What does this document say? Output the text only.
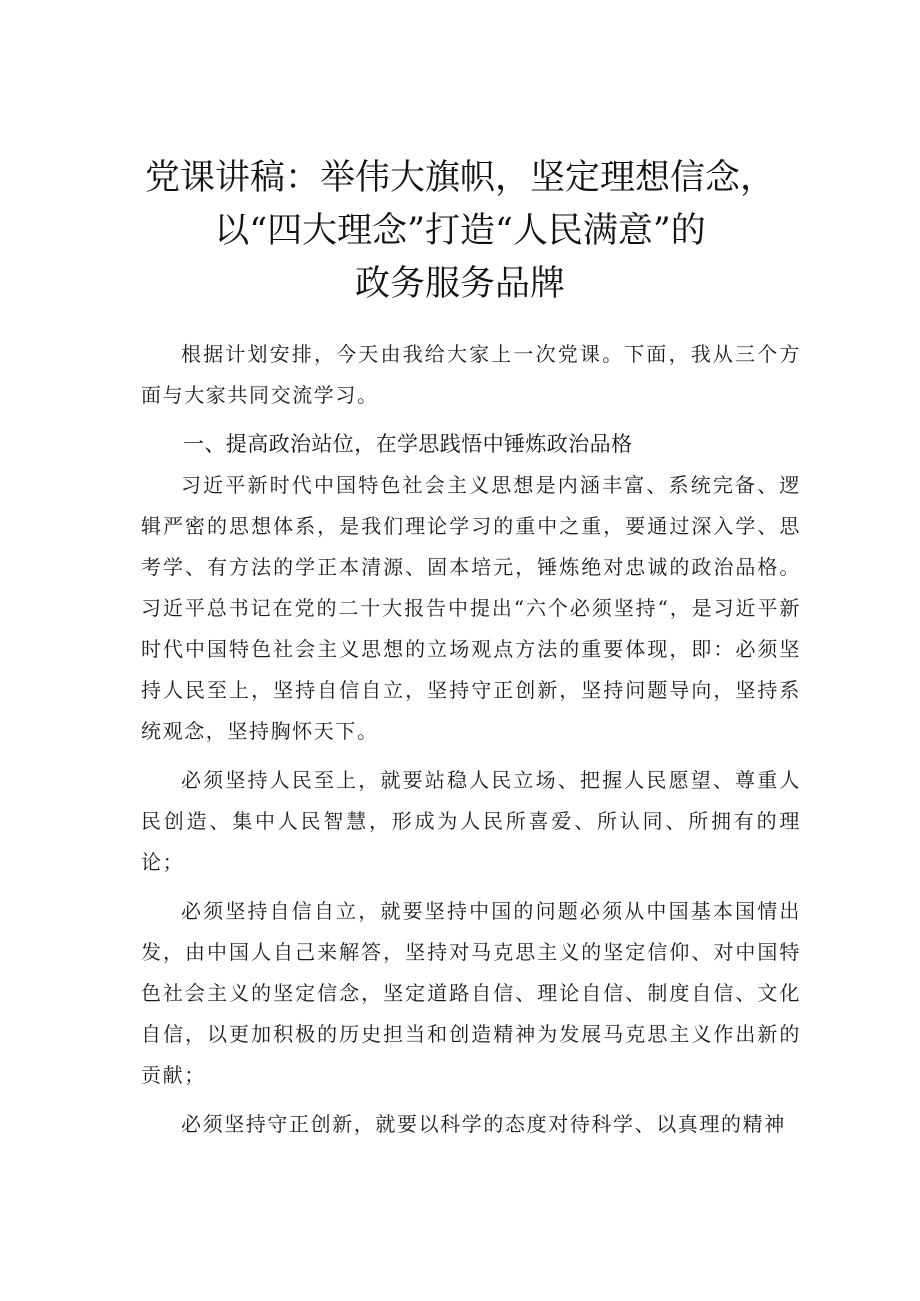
党课讲稿：举伟大旗帜，坚定理想信念，
以“四大理念”打造“人民满意”的
政务服务品牌

根据计划安排，今天由我给大家上一次党课。下面，我从三个方面与大家共同交流学习。

一、提高政治站位，在学思践悟中锤炼政治品格

习近平新时代中国特色社会主义思想是内涵丰富、系统完备、逻辑严密的思想体系，是我们理论学习的重中之重，要通过深入学、思考学、有方法的学正本清源、固本培元，锤炼绝对忠诚的政治品格。习近平总书记在党的二十大报告中提出“六个必须坚持“，是习近平新时代中国特色社会主义思想的立场观点方法的重要体现，即：必须坚持人民至上，坚持自信自立，坚持守正创新，坚持问题导向，坚持系统观念，坚持胸怀天下。

必须坚持人民至上，就要站稳人民立场、把握人民愿望、尊重人民创造、集中人民智慧，形成为人民所喜爱、所认同、所拥有的理论；

必须坚持自信自立，就要坚持中国的问题必须从中国基本国情出发，由中国人自己来解答，坚持对马克思主义的坚定信仰、对中国特色社会主义的坚定信念，坚定道路自信、理论自信、制度自信、文化自信，以更加积极的历史担当和创造精神为发展马克思主义作出新的贡献；

必须坚持守正创新，就要以科学的态度对待科学、以真理的精神
